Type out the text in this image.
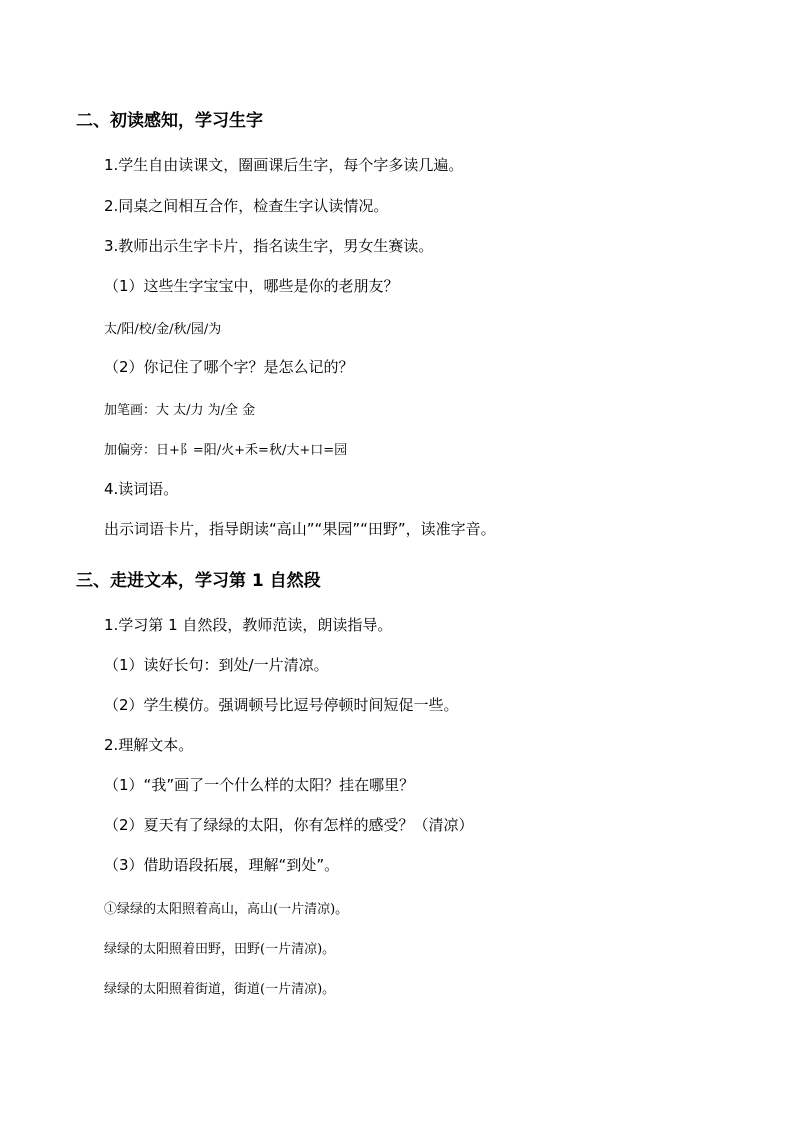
二、初读感知，学习生字
1.学生自由读课文，圈画课后生字，每个字多读几遍。
2.同桌之间相互合作，检查生字认读情况。
3.教师出示生字卡片，指名读生字，男女生赛读。
（1）这些生字宝宝中，哪些是你的老朋友？
太/阳/校/金/秋/园/为
（2）你记住了哪个字？是怎么记的？
加笔画：大 太/力 为/全 金
加偏旁：日+阝=阳/火+禾=秋/大+口=园
4.读词语。
出示词语卡片，指导朗读“高山”“果园”“田野”，读准字音。
三、走进文本，学习第 1 自然段
1.学习第 1 自然段，教师范读，朗读指导。
（1）读好长句：到处/一片清凉。
（2）学生模仿。强调顿号比逗号停顿时间短促一些。
2.理解文本。
（1）“我”画了一个什么样的太阳？挂在哪里？
（2）夏天有了绿绿的太阳，你有怎样的感受？（清凉）
（3）借助语段拓展，理解“到处”。
①绿绿的太阳照着高山，高山(一片清凉)。
绿绿的太阳照着田野，田野(一片清凉)。
绿绿的太阳照着街道，街道(一片清凉)。
